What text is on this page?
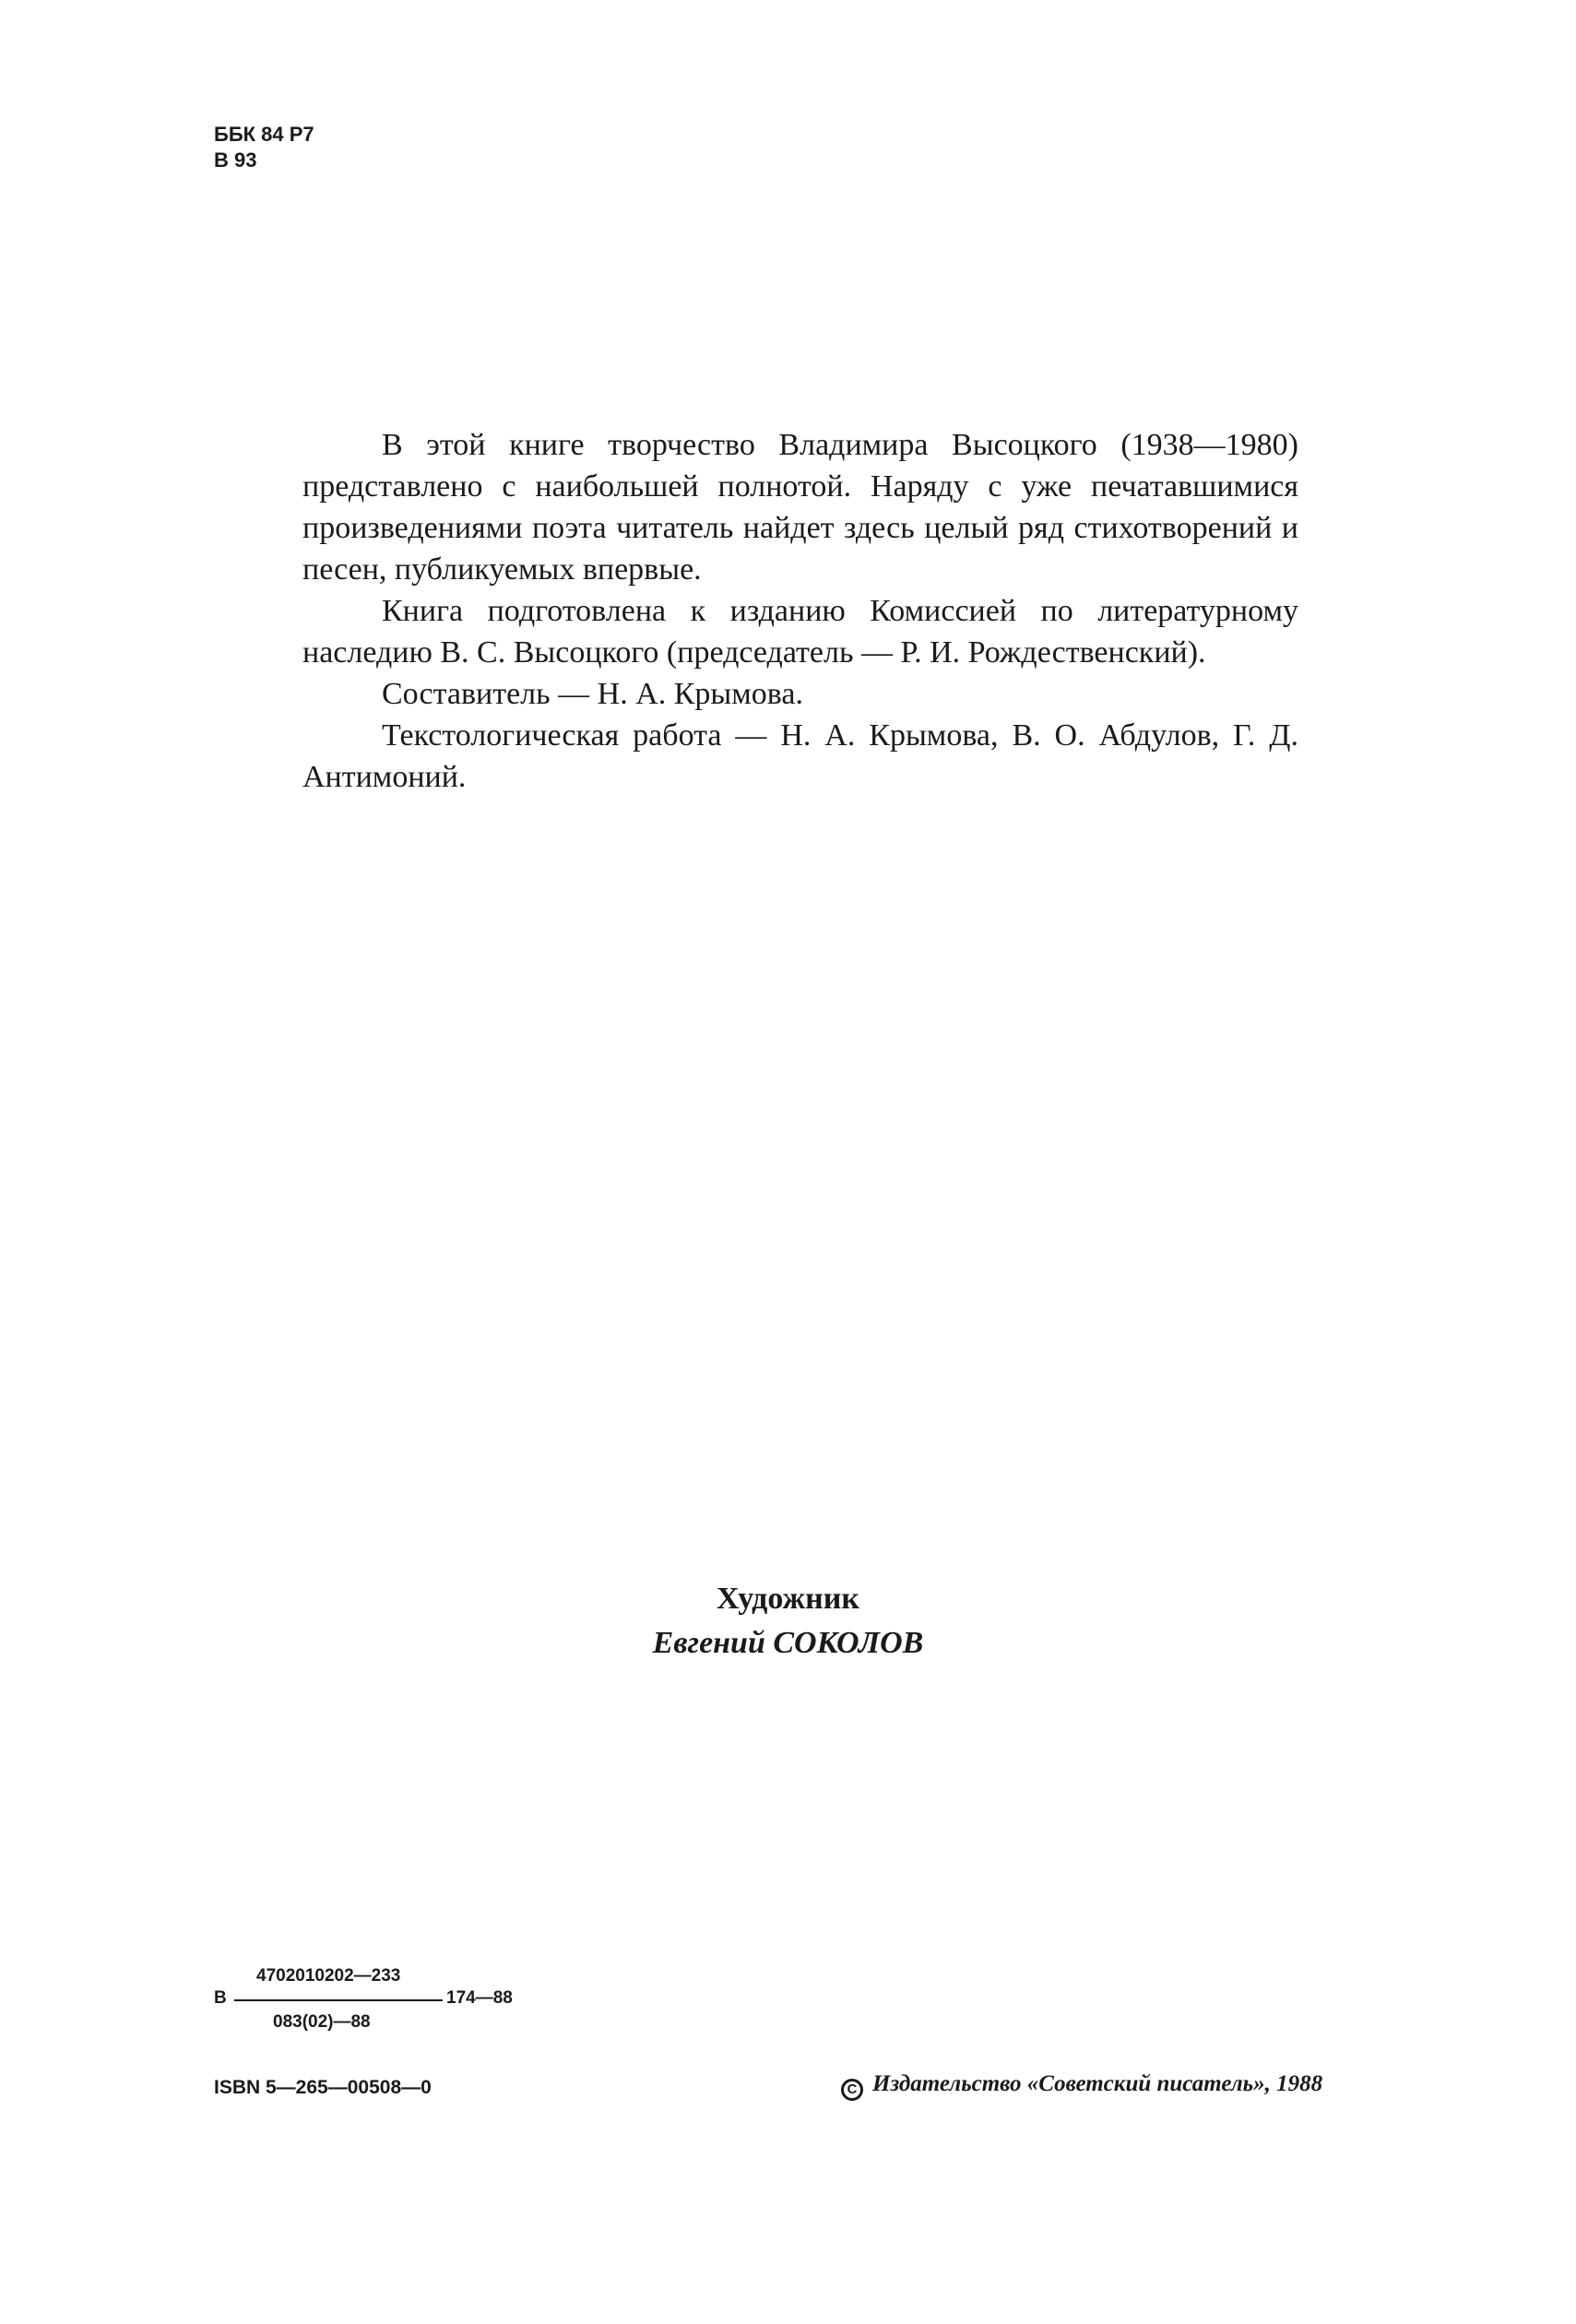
ББК 84 Р7
В 93

В этой книге творчество Владимира Высоцкого (1938—1980) представлено с наибольшей полнотой. Наряду с уже печатавшимися произведениями поэта читатель найдет здесь целый ряд стихотворений и песен, публикуемых впервые.

Книга подготовлена к изданию Комиссией по литературному наследию В. С. Высоцкого (председатель — Р. И. Рождественский).

Составитель — Н. А. Крымова.

Текстологическая работа — Н. А. Крымова, В. О. Абдулов, Г. Д. Антимоний.

Художник
Евгений СОКОЛОВ
4702010202—233
В	174—88
083(02)—88
ISBN 5—265—00508—0	C Издательство «Советский писатель», 1988
